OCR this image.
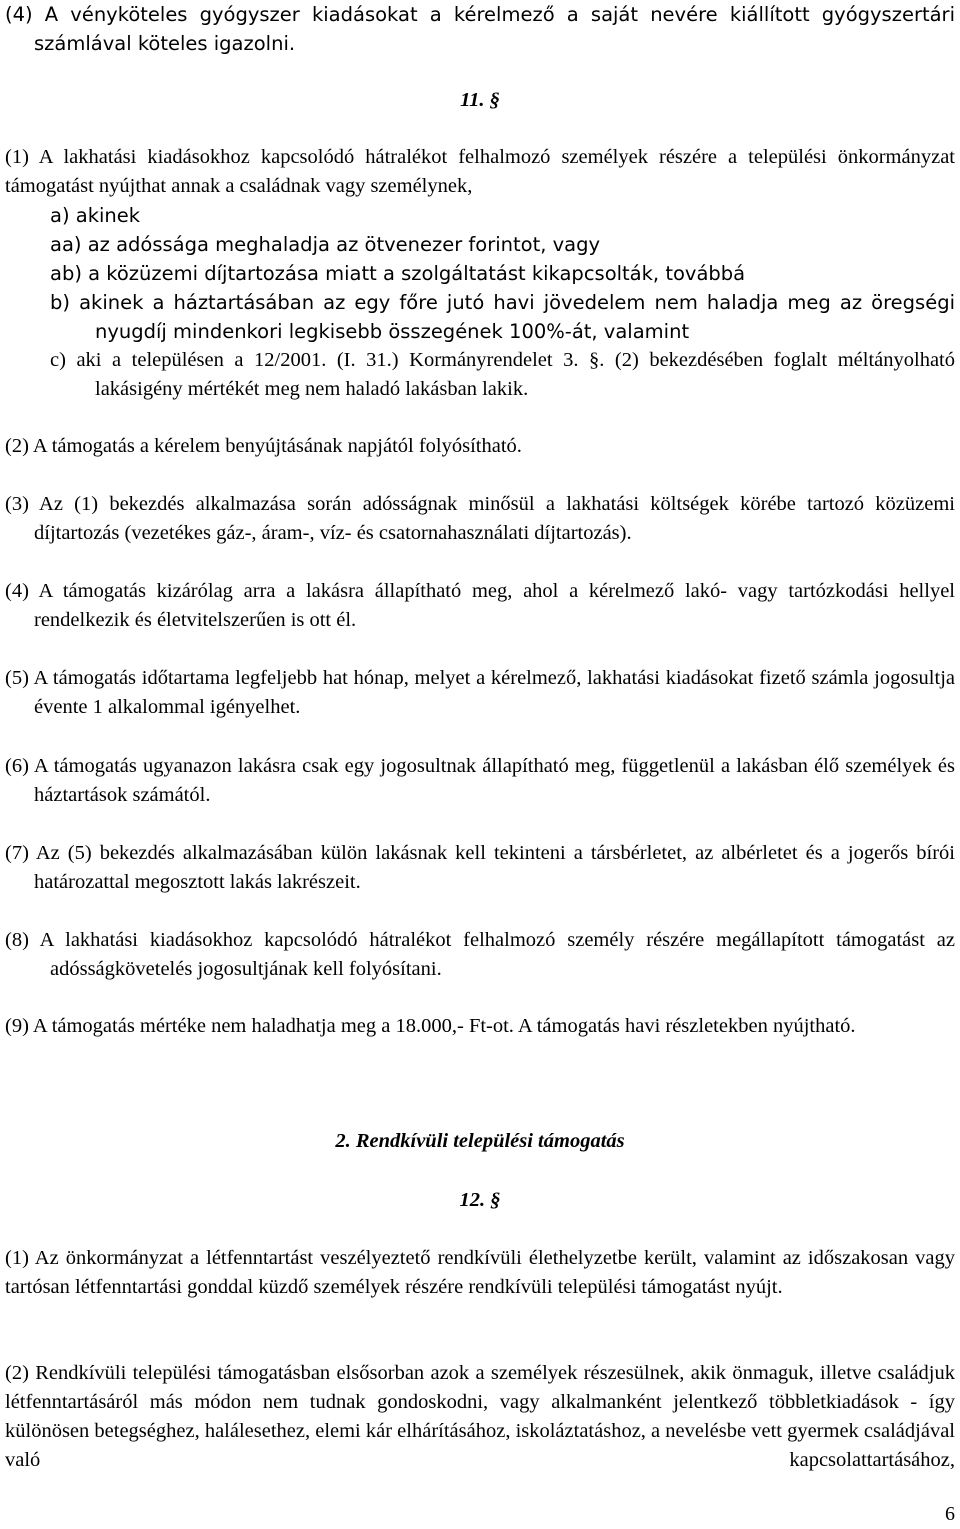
(4) A vényköteles gyógyszer kiadásokat a kérelmező a saját nevére kiállított gyógyszertári

számlával köteles igazolni.

11. §

(1) A lakhatási kiadásokhoz kapcsolódó hátralékot felhalmozó személyek részére a települési önkormányzat támogatást nyújthat annak a családnak vagy személynek,

a) akinek

aa) az adóssága meghaladja az ötvenezer forintot, vagy

ab) a közüzemi díjtartozása miatt a szolgáltatást kikapcsolták, továbbá

b) akinek a háztartásában az egy főre jutó havi jövedelem nem haladja meg az öregségi nyugdíj mindenkori legkisebb összegének 100%-át, valamint

c) aki a településen a 12/2001. (I. 31.) Kormányrendelet 3. §. (2) bekezdésében foglalt méltányolható lakásigény mértékét meg nem haladó lakásban lakik.

(2) A támogatás a kérelem benyújtásának napjától folyósítható.

(3) Az (1) bekezdés alkalmazása során adósságnak minősül a lakhatási költségek körébe tartozó közüzemi díjtartozás (vezetékes gáz-, áram-, víz- és csatornahasználati díjtartozás).

(4) A támogatás kizárólag arra a lakásra állapítható meg, ahol a kérelmező lakó- vagy tartózkodási hellyel rendelkezik és életvitelszerűen is ott él.

(5) A támogatás időtartama legfeljebb hat hónap, melyet a kérelmező, lakhatási kiadásokat fizető számla jogosultja évente 1 alkalommal igényelhet.

(6) A támogatás ugyanazon lakásra csak egy jogosultnak állapítható meg, függetlenül a lakásban élő személyek és háztartások számától.

(7) Az (5) bekezdés alkalmazásában külön lakásnak kell tekinteni a társbérletet, az albérletet és a jogerős bírói határozattal megosztott lakás lakrészeit.

(8) A lakhatási kiadásokhoz kapcsolódó hátralékot felhalmozó személy részére megállapított támogatást az adósságkövetelés jogosultjának kell folyósítani.

(9) A támogatás mértéke nem haladhatja meg a 18.000,- Ft-ot. A támogatás havi részletekben nyújtható.

2. Rendkívüli települési támogatás

12. §

(1) Az önkormányzat a létfenntartást veszélyeztető rendkívüli élethelyzetbe került, valamint az időszakosan vagy tartósan létfenntartási gonddal küzdő személyek részére rendkívüli települési támogatást nyújt.

(2) Rendkívüli települési támogatásban elsősorban azok a személyek részesülnek, akik önmaguk, illetve családjuk létfenntartásáról más módon nem tudnak gondoskodni, vagy alkalmanként jelentkező többletkiadások - így különösen betegséghez, halálesethez, elemi kár elhárításához, iskoláztatáshoz, a nevelésbe vett gyermek családjával való kapcsolattartásához,

6
